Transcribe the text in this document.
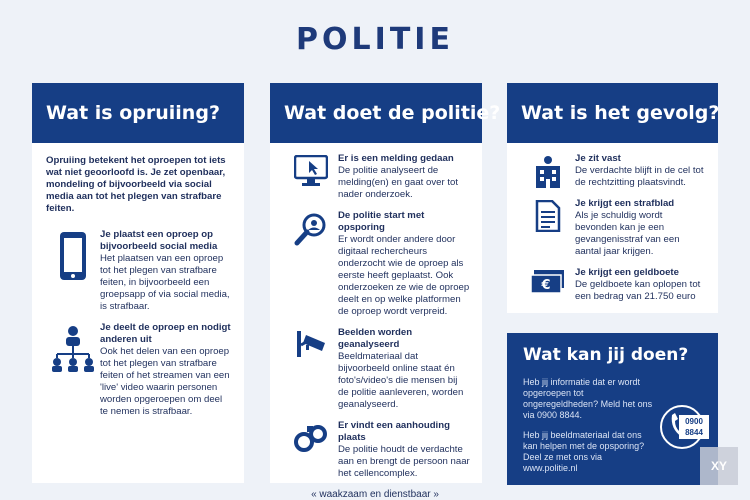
POLITIE
Wat is opruiing?
Opruiing betekent het oproepen tot iets wat niet geoorloofd is. Je zet openbaar, mondeling of bijvoorbeeld via social media aan tot het plegen van strafbare feiten.
Je plaatst een oproep op bijvoorbeeld social media
Het plaatsen van een oproep tot het plegen van strafbare feiten, in bijvoorbeeld een groepsapp of via social media, is strafbaar.
Je deelt de oproep en nodigt anderen uit
Ook het delen van een oproep tot het plegen van strafbare feiten of het streamen van een 'live' video waarin personen worden opgeroepen om deel te nemen is strafbaar.
Wat doet de politie?
Er is een melding gedaan
De politie analyseert de melding(en) en gaat over tot nader onderzoek.
De politie start met opsporing
Er wordt onder andere door digitaal rechercheurs onderzocht wie de oproep als eerste heeft geplaatst. Ook onderzoeken ze wie de oproep deelt en op welke platformen de oproep wordt verpreid.
Beelden worden geanalyseerd
Beeldmateriaal dat bijvoorbeeld online staat én foto's/video's die mensen bij de politie aanleveren, worden geanalyseerd.
Er vindt een aanhouding plaats
De politie houdt de verdachte aan en brengt de persoon naar het cellencomplex.
Wat is het gevolg?
Je zit vast
De verdachte blijft in de cel tot de rechtzitting plaatsvindt.
Je krijgt een strafblad
Als je schuldig wordt bevonden kan je een gevangenisstraf van een aantal jaar krijgen.
€
Je krijgt een geldboete
De geldboete kan oplopen tot een bedrag van 21.750 euro
Wat kan jij doen?

Heb jij informatie dat er wordt opgeroepen tot ongeregeldheden? Meld het ons via 0900 8844.

Heb jij beeldmateriaal dat ons kan helpen met de opsporing? Deel ze met ons via www.politie.nl

0900
8844
« waakzaam en dienstbaar »
XY
